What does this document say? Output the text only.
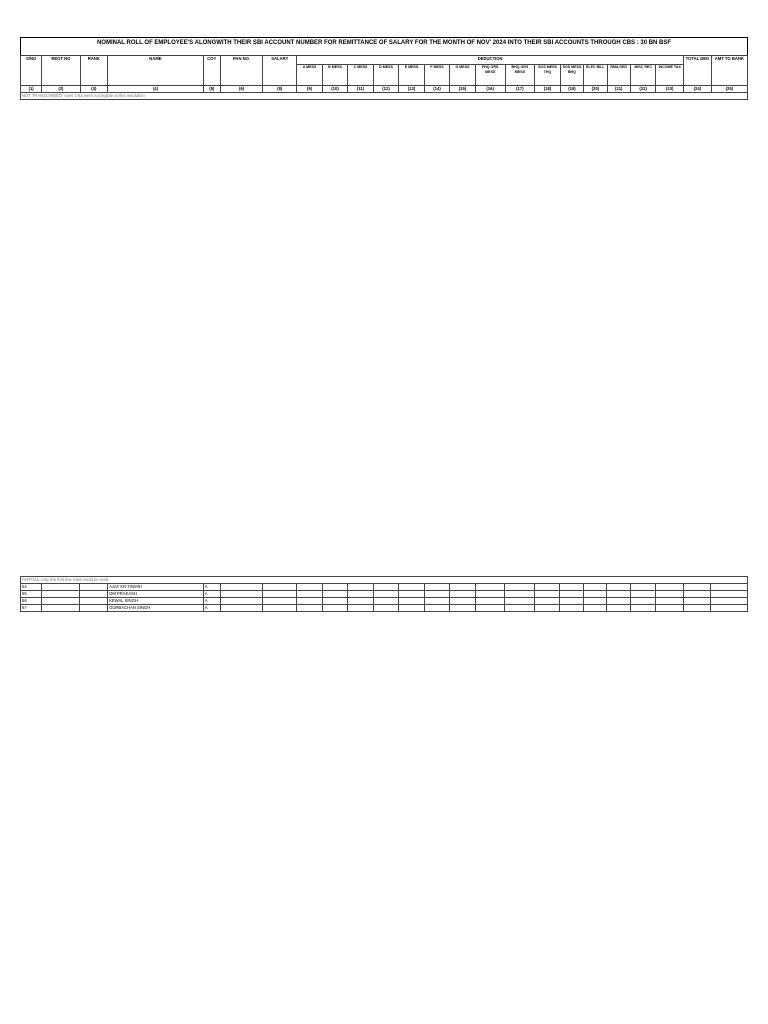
NOMINAL ROLL OF EMPLOYEE'S ALONGWITH THEIR SBI ACCOUNT NUMBER FOR REMITTANCE OF SALARY FOR THE MONTH OF NOV' 2024 INTO THEIR SBI ACCOUNTS THROUGH CBS : 30 BN BSF
S/NO	REGT NO	RANK	NAME	COY	PAN NO.	SALARY	DEDUCTION															TOTAL DED	AMT TO BANK
							A MESS	B MESS	C MESS	D MESS	E MESS	F MESS	G MESS	FHQ ORS MESS	BHQ ORS MESS	SOS MESS THQ	SOS MESS BHQ	ELEC BILL	RMA DED	MISC REC	INCOME TAX		
(1)	(2)	(3)	(4)	(5)	(6)	(8)	(9)	(10)	(11)	(12)	(13)	(14)	(15)	(16)	(17)	(18)	(19)	(20)	(21)	(22)	(23)	(24)	(25)
NOT TRANSCRIBED: rows 1-53 were not legible at this resolution																							
PARTIAL: only the first few rows could be read																							
54			AJAY KR TIWARI	A																			
55			OM PRAKASH	A																			
56			KEWAL SINGH	A																			
57			GURBACHAN SINGH	A																			
